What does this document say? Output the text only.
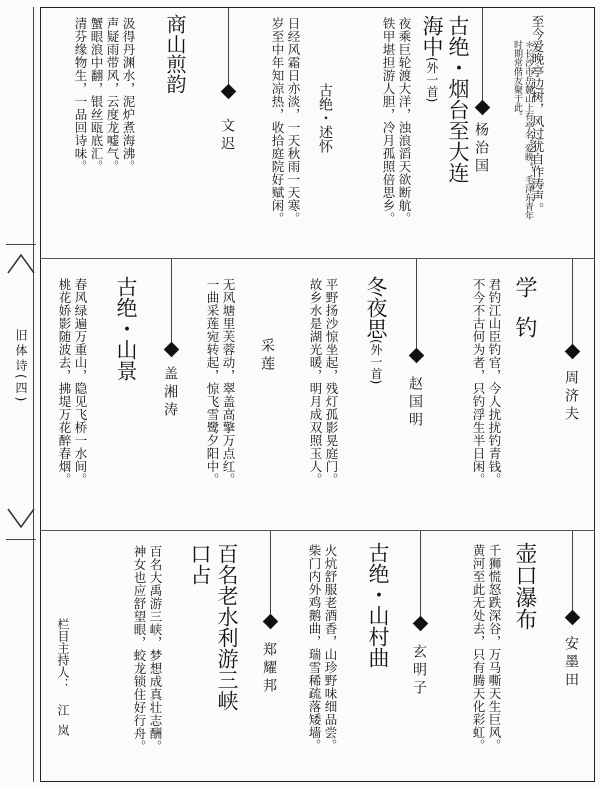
旧体诗(四)
至今爱晚亭边树，风过犹自作涛声。
＊长沙市岳麓山上有亭名“爱晚”，毛泽东青年
时期常偕友聚于此。
杨治国
古绝・烟台至大连
海中(外一首)
夜乘巨轮渡大洋，浊浪滔天欲断航。
铁甲堪担游人胆，冷月孤照倍思乡。
古绝・述怀
日经风霜日亦淡，一天秋雨一天寒。
岁至中年知凉热，收拾庭院好赋闲。
文迟
商山煎韵
汲得丹渊水，泥炉煮海沸。
声疑雨带风，云度龙嘘气。
蟹眼浪中翻，银丝瓯底汇。
清芬缘物生，一品回诗味。
周济夫
学钓
君钓江山臣钓官，今人扰扰钓青钱。
不今不古何为者，只钓浮生半日闲。
赵国明
冬夜思(外一首)
平野扬沙惊坐起，残灯孤影晃庭门。
故乡水是湖光暖，明月成双照玉人。
采莲
无风塘里芙蓉动，翠盖高擎万点红。
一曲采莲宛转起，惊飞雪鹭夕阳中。
盖湘涛
古绝・山景
春风绿遍万重山，隐见飞桥一水间。
桃花娇影随波去，拂堤万花醉春烟。
安墨田
壶口瀑布
千狮慌怒跌深谷，万马嘶天生巨风。
黄河至此无处去，只有腾天化彩虹。
玄明子
古绝・山村曲
火炕舒服老酒香，山珍野味细品尝。
柴门内外鸡鹅曲，瑞雪稀疏落矮墙。
郑耀邦
百名老水利游三峡
口占
百名大禹游三峡，梦想成真壮志酬。
神女也应舒望眼，蛟龙锁住好行舟。
栏目主持人：江岚
